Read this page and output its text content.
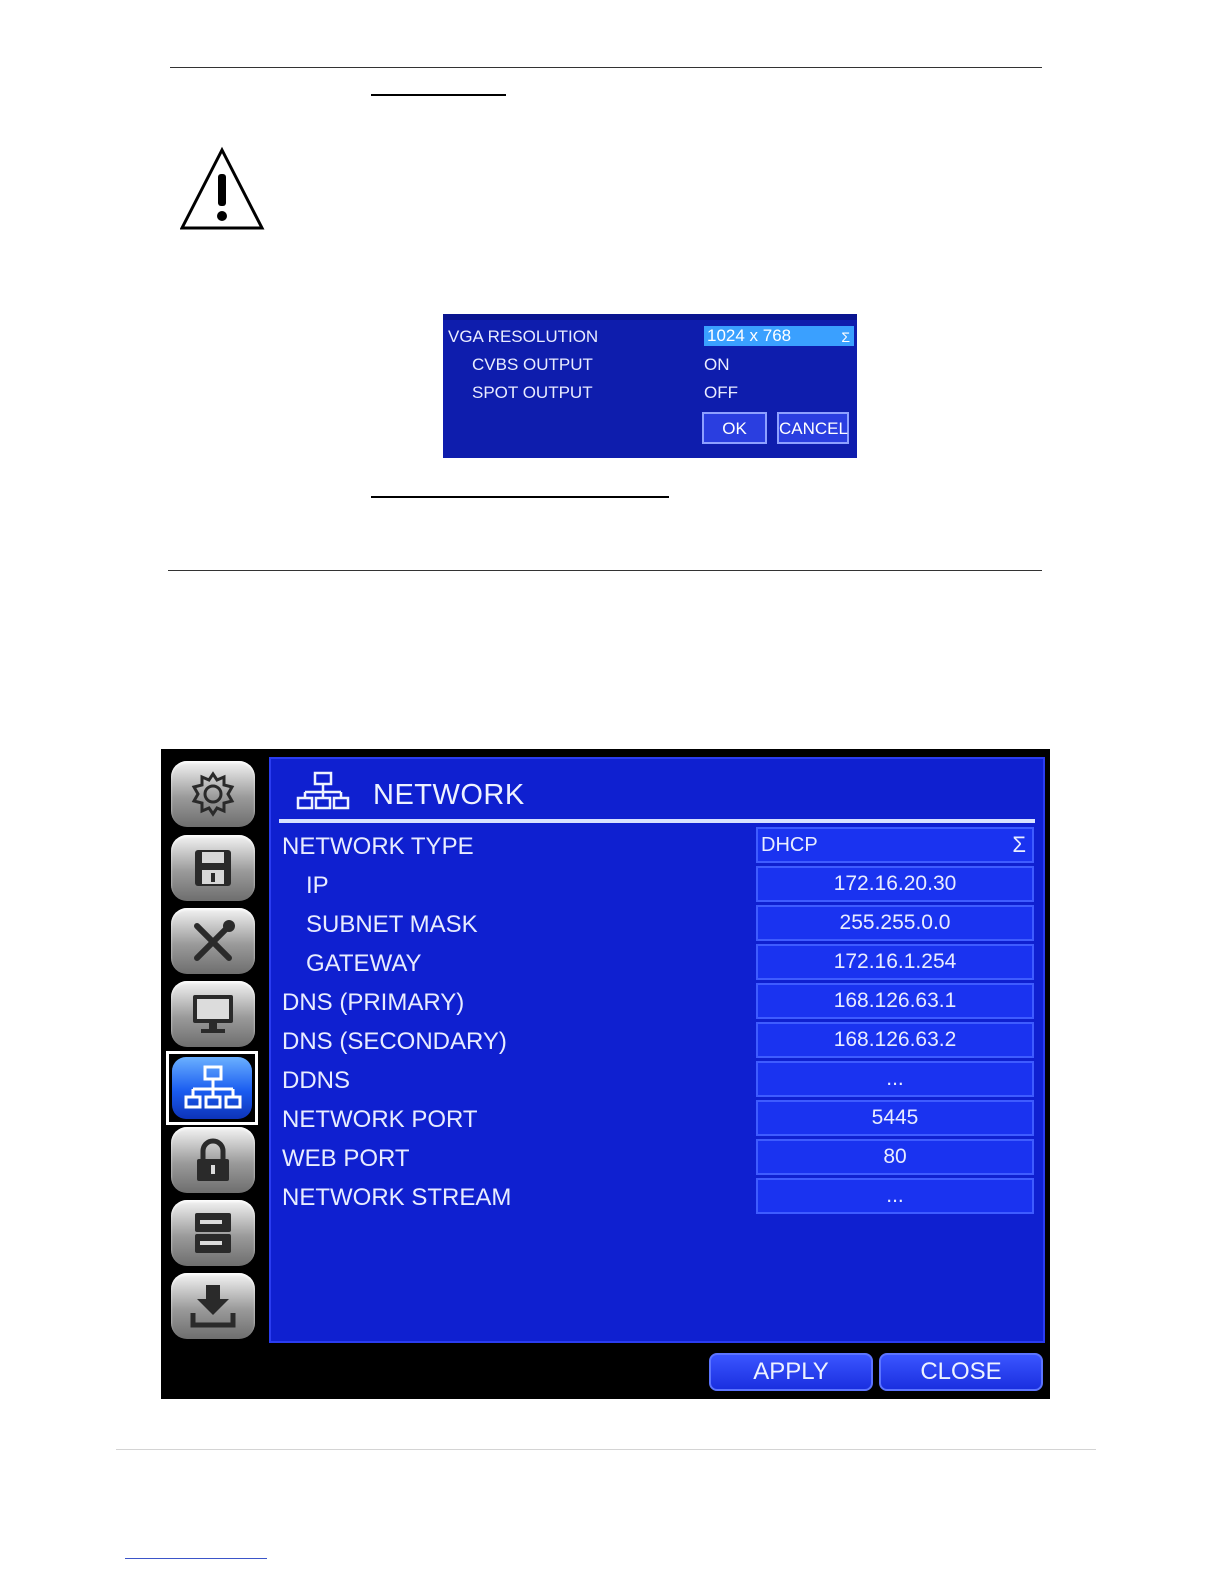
VGA RESOLUTION	1024 x 768	Σ
CVBS OUTPUT	ON
SPOT OUTPUT	OFF
OK	CANCEL
NETWORK
NETWORK TYPE	DHCP	Σ
IP	172.16.20.30
SUBNET MASK	255.255.0.0
GATEWAY	172.16.1.254
DNS (PRIMARY)	168.126.63.1
DNS (SECONDARY)	168.126.63.2
DDNS	...
NETWORK PORT	5445
WEB PORT	80
NETWORK STREAM	...
APPLY	CLOSE
